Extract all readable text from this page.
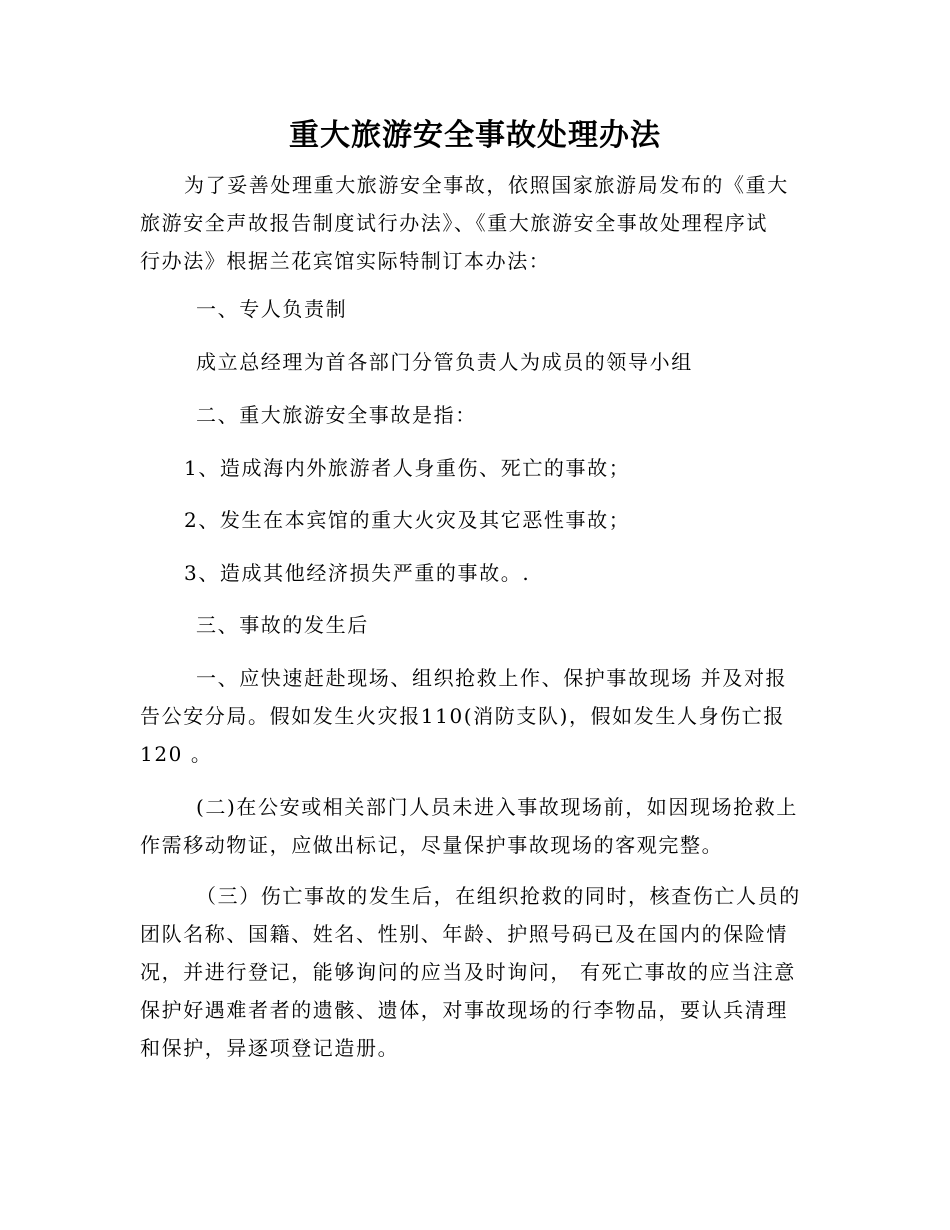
重大旅游安全事故处理办法
为了妥善处理重大旅游安全事故，依照国家旅游局发布的《重大
旅游安全声故报告制度试行办法》、《重大旅游安全事故处理程序试
行办法》根据兰花宾馆实际特制订本办法：
一、专人负责制
成立总经理为首各部门分管负责人为成员的领导小组
二、重大旅游安全事故是指：
1、造成海内外旅游者人身重伤、死亡的事故；
2、发生在本宾馆的重大火灾及其它恶性事故；
3、造成其他经济损失严重的事故。.
三、事故的发生后
一、应快速赶赴现场、组织抢救上作、保护事故现场 并及对报
告公安分局。假如发生火灾报110(消防支队)，假如发生人身伤亡报
120 。
(二)在公安或相关部门人员未进入事故现场前，如因现场抢救上
作需移动物证，应做出标记，尽量保护事故现场的客观完整。
（三）伤亡事故的发生后，在组织抢救的同时，核查伤亡人员的
团队名称、国籍、姓名、性别、年龄、护照号码已及在国内的保险情
况，并进行登记，能够询问的应当及时询问， 有死亡事故的应当注意
保护好遇难者者的遗骸、遗体，对事故现场的行李物品，要认兵清理
和保护，异逐项登记造册。
